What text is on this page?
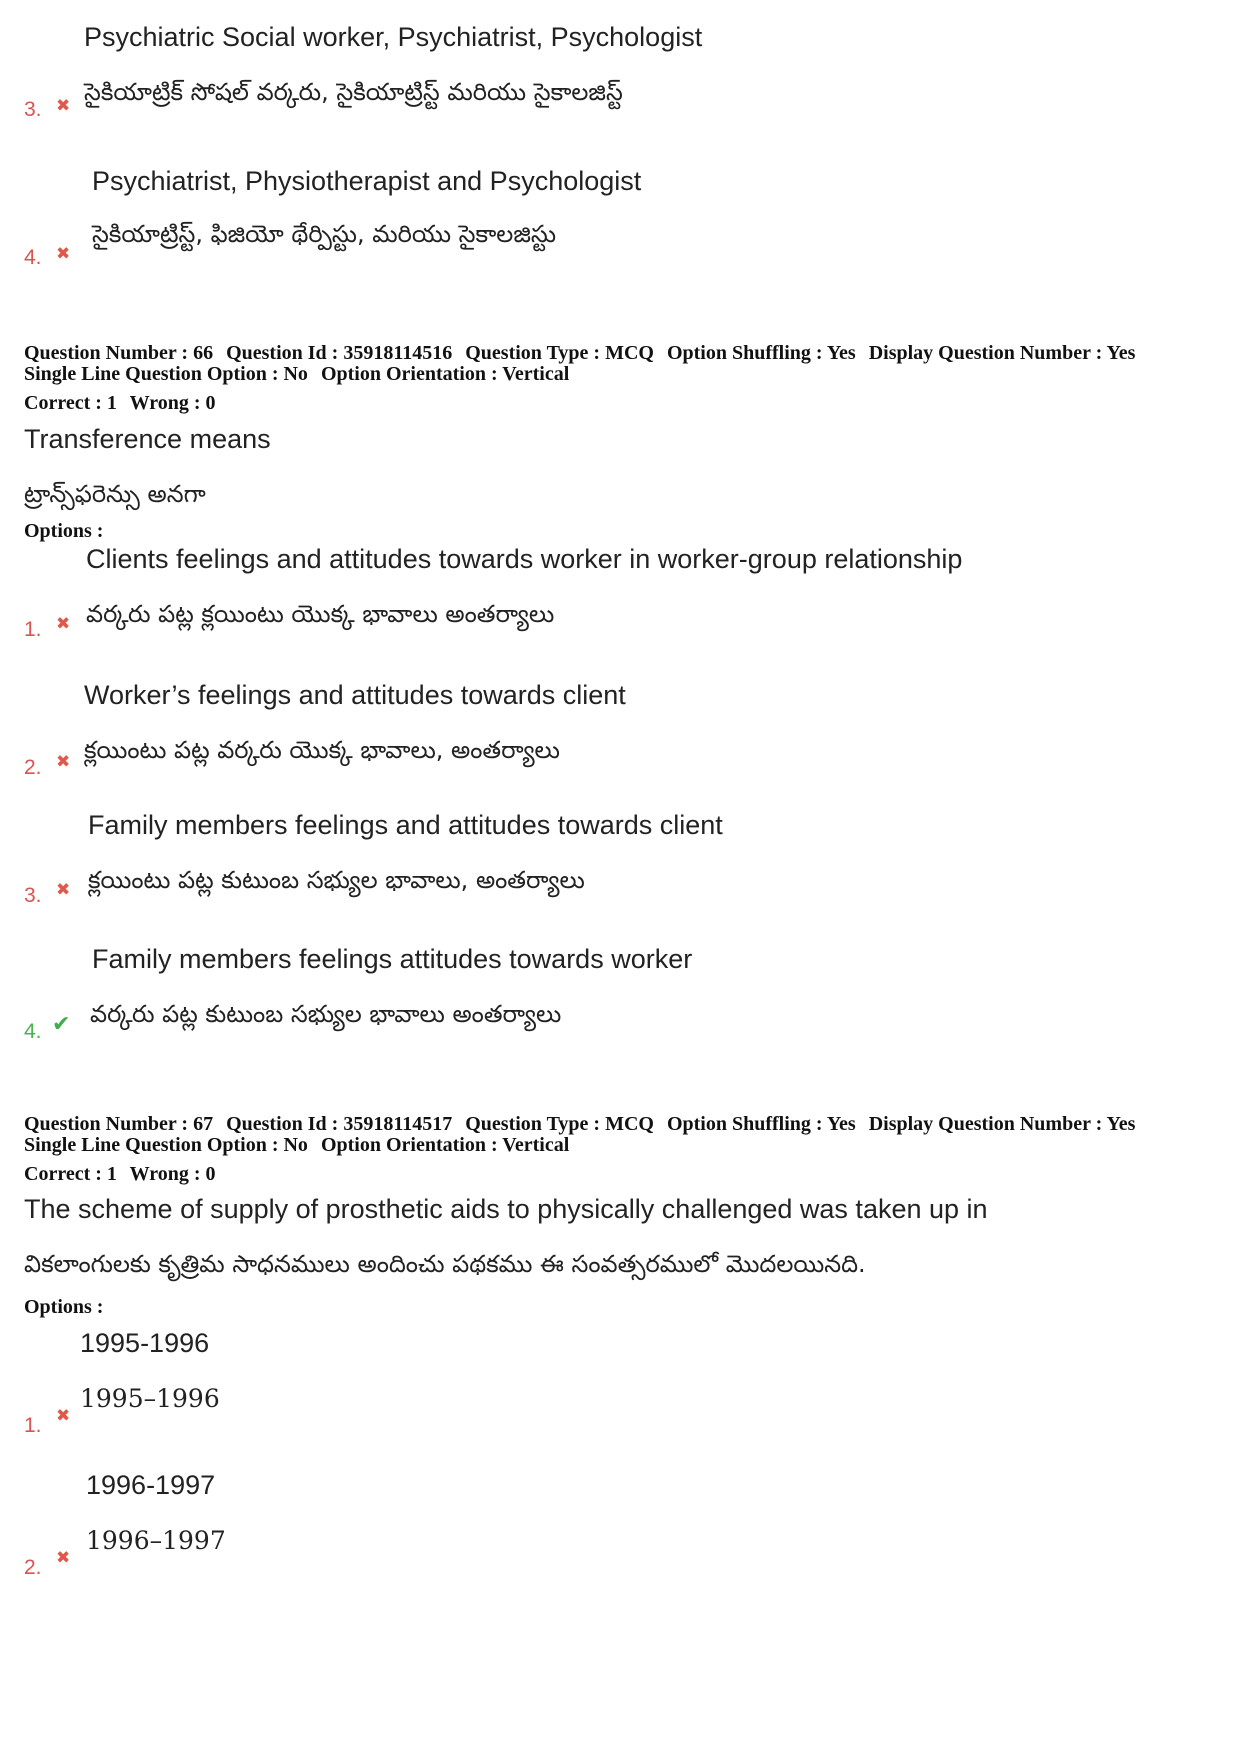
Psychiatric Social worker, Psychiatrist, Psychologist
సైకియాట్రిక్ సోషల్ వర్కరు, సైకియాట్రిస్ట్ మరియు సైకాలజిస్ట్
3. ✖
Psychiatrist, Physiotherapist and Psychologist
సైకియాట్రిస్ట్, ఫిజియో థేర్పిస్టు, మరియు సైకాలజిస్టు
4. ✖
Question Number : 66 Question Id : 35918114516 Question Type : MCQ Option Shuffling : Yes Display Question Number : Yes
Single Line Question Option : No Option Orientation : Vertical
Correct : 1 Wrong : 0
Transference means
ట్రాన్స్‌ఫరెన్సు అనగా
Options :
Clients feelings and attitudes towards worker in worker-group relationship
వర్కరు పట్ల క్లయింటు యొక్క భావాలు అంతర్యాలు
1. ✖
Worker’s feelings and attitudes towards client
క్లయింటు పట్ల వర్కరు యొక్క భావాలు, అంతర్యాలు
2. ✖
Family members feelings and attitudes towards client
క్లయింటు పట్ల కుటుంబ సభ్యుల భావాలు, అంతర్యాలు
3. ✖
Family members feelings attitudes towards worker
వర్కరు పట్ల కుటుంబ సభ్యుల భావాలు అంతర్యాలు
4. ✔
Question Number : 67 Question Id : 35918114517 Question Type : MCQ Option Shuffling : Yes Display Question Number : Yes
Single Line Question Option : No Option Orientation : Vertical
Correct : 1 Wrong : 0
The scheme of supply of prosthetic aids to physically challenged was taken up in
వికలాంగులకు కృత్రిమ సాధనములు అందించు పథకము ఈ సంవత్సరములో మొదలయినది.
Options :
1995-1996
1995–1996
1. ✖
1996-1997
1996–1997
2. ✖
